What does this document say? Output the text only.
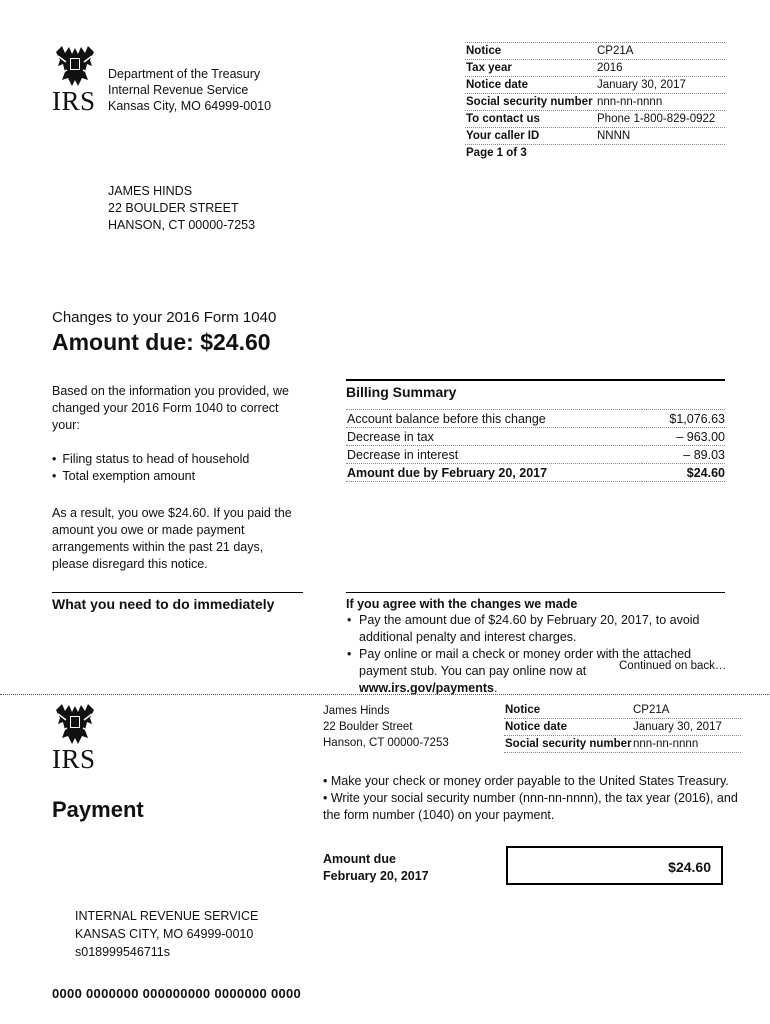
IRS
Department of the Treasury
Internal Revenue Service
Kansas City, MO 64999-0010
Notice	CP21A
Tax year	2016
Notice date	January 30, 2017
Social security number	nnn-nn-nnnn
To contact us	Phone 1-800-829-0922
Your caller ID	NNNN
Page 1 of 3	
JAMES HINDS
22 BOULDER STREET
HANSON, CT 00000-7253
Changes to your 2016 Form 1040
Amount due: $24.60
Based on the information you provided, we changed your 2016 Form 1040 to correct your:
• Filing status to head of household
• Total exemption amount
As a result, you owe $24.60. If you paid the amount you owe or made payment arrangements within the past 21 days, please disregard this notice.
Billing Summary
Account balance before this change	$1,076.63
Decrease in tax	– 963.00
Decrease in interest	– 89.03
Amount due by February 20, 2017	$24.60
What you need to do immediately	If you agree with the changes we made
• Pay the amount due of $24.60 by February 20, 2017, to avoid additional penalty and interest charges.
• Pay online or mail a check or money order with the attached payment stub. You can pay online now at
www.irs.gov/payments.
Continued on back…
IRS
James Hinds
22 Boulder Street
Hanson, CT 00000-7253
Notice	CP21A
Notice date	January 30, 2017
Social security number	nnn-nn-nnnn
Payment
• Make your check or money order payable to the United States Treasury.
• Write your social security number (nnn-nn-nnnn), the tax year (2016), and the form number (1040) on your payment.
Amount due
February 20, 2017
$24.60
INTERNAL REVENUE SERVICE
KANSAS CITY, MO 64999-0010
s018999546711s
0000 0000000 000000000 0000000 0000
